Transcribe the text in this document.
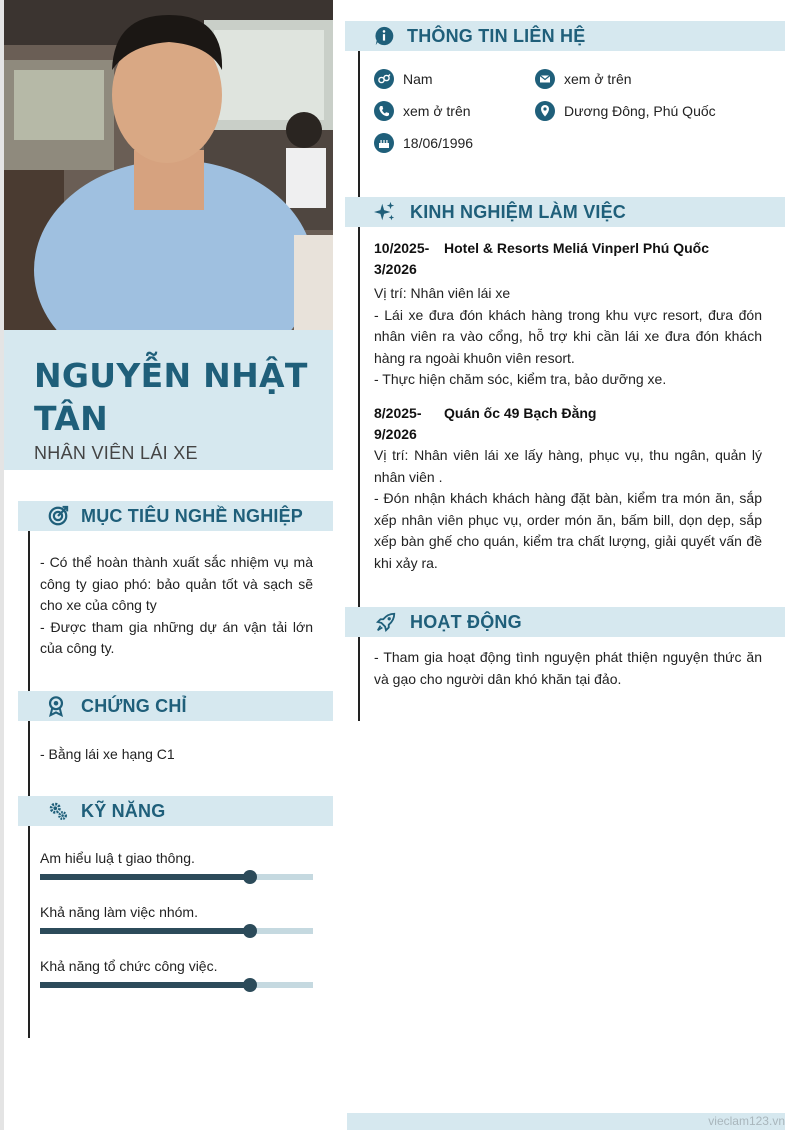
NGUYỄN NHẬT TÂN
NHÂN VIÊN LÁI XE
MỤC TIÊU NGHỀ NGHIỆP
- Có thể hoàn thành xuất sắc nhiệm vụ mà công ty giao phó: bảo quản tốt và sạch sẽ cho xe của công ty
- Được tham gia những dự án vận tải lớn của công ty.
CHỨNG CHỈ
- Bằng lái xe hạng C1
KỸ NĂNG
Am hiểu luậ t giao thông.
Khả năng làm việc nhóm.
Khả năng tổ chức công việc.
THÔNG TIN LIÊN HỆ
Nam	xem ở trên
xem ở trên	Dương Đông, Phú Quốc
18/06/1996
KINH NGHIỆM LÀM VIỆC
10/2025-
3/2026
Hotel & Resorts Meliá Vinperl Phú Quốc
Vị trí: Nhân viên lái xe
- Lái xe đưa đón khách hàng trong khu vực resort, đưa đón nhân viên ra vào cổng, hỗ trợ khi cần lái xe đưa đón khách hàng ra ngoài khuôn viên resort.
- Thực hiện chăm sóc, kiểm tra, bảo dưỡng xe.
8/2025-
9/2026
Quán ốc 49 Bạch Đằng
Vị trí: Nhân viên lái xe lấy hàng, phục vụ, thu ngân, quản lý nhân viên .
- Đón nhận khách khách hàng đặt bàn, kiểm tra món ăn, sắp xếp nhân viên phục vụ, order món ăn, bấm bill, dọn dẹp, sắp xếp bàn ghế cho quán, kiểm tra chất lượng, giải quyết vấn đề khi xảy ra.
HOẠT ĐỘNG
- Tham gia hoạt động tình nguyện phát thiện nguyện thức ăn và gạo cho người dân khó khăn tại đảo.
vieclam123.vn
